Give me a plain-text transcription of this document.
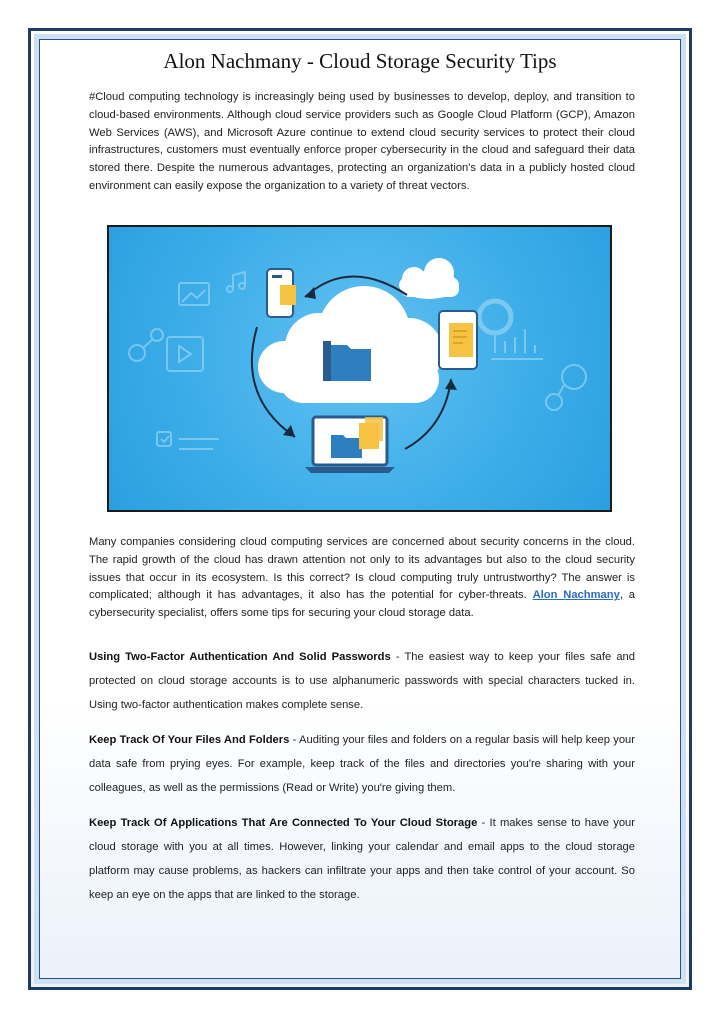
Alon Nachmany - Cloud Storage Security Tips

#Cloud computing technology is increasingly being used by businesses to develop, deploy, and transition to cloud-based environments. Although cloud service providers such as Google Cloud Platform (GCP), Amazon Web Services (AWS), and Microsoft Azure continue to extend cloud security services to protect their cloud infrastructures, customers must eventually enforce proper cybersecurity in the cloud and safeguard their data stored there. Despite the numerous advantages, protecting an organization's data in a publicly hosted cloud environment can easily expose the organization to a variety of threat vectors.

Many companies considering cloud computing services are concerned about security concerns in the cloud. The rapid growth of the cloud has drawn attention not only to its advantages but also to the cloud security issues that occur in its ecosystem. Is this correct? Is cloud computing truly untrustworthy? The answer is complicated; although it has advantages, it also has the potential for cyber-threats. Alon Nachmany, a cybersecurity specialist, offers some tips for securing your cloud storage data.

Using Two-Factor Authentication And Solid Passwords - The easiest way to keep your files safe and protected on cloud storage accounts is to use alphanumeric passwords with special characters tucked in. Using two-factor authentication makes complete sense.

Keep Track Of Your Files And Folders - Auditing your files and folders on a regular basis will help keep your data safe from prying eyes. For example, keep track of the files and directories you're sharing with your colleagues, as well as the permissions (Read or Write) you're giving them.

Keep Track Of Applications That Are Connected To Your Cloud Storage - It makes sense to have your cloud storage with you at all times. However, linking your calendar and email apps to the cloud storage platform may cause problems, as hackers can infiltrate your apps and then take control of your account. So keep an eye on the apps that are linked to the storage.
